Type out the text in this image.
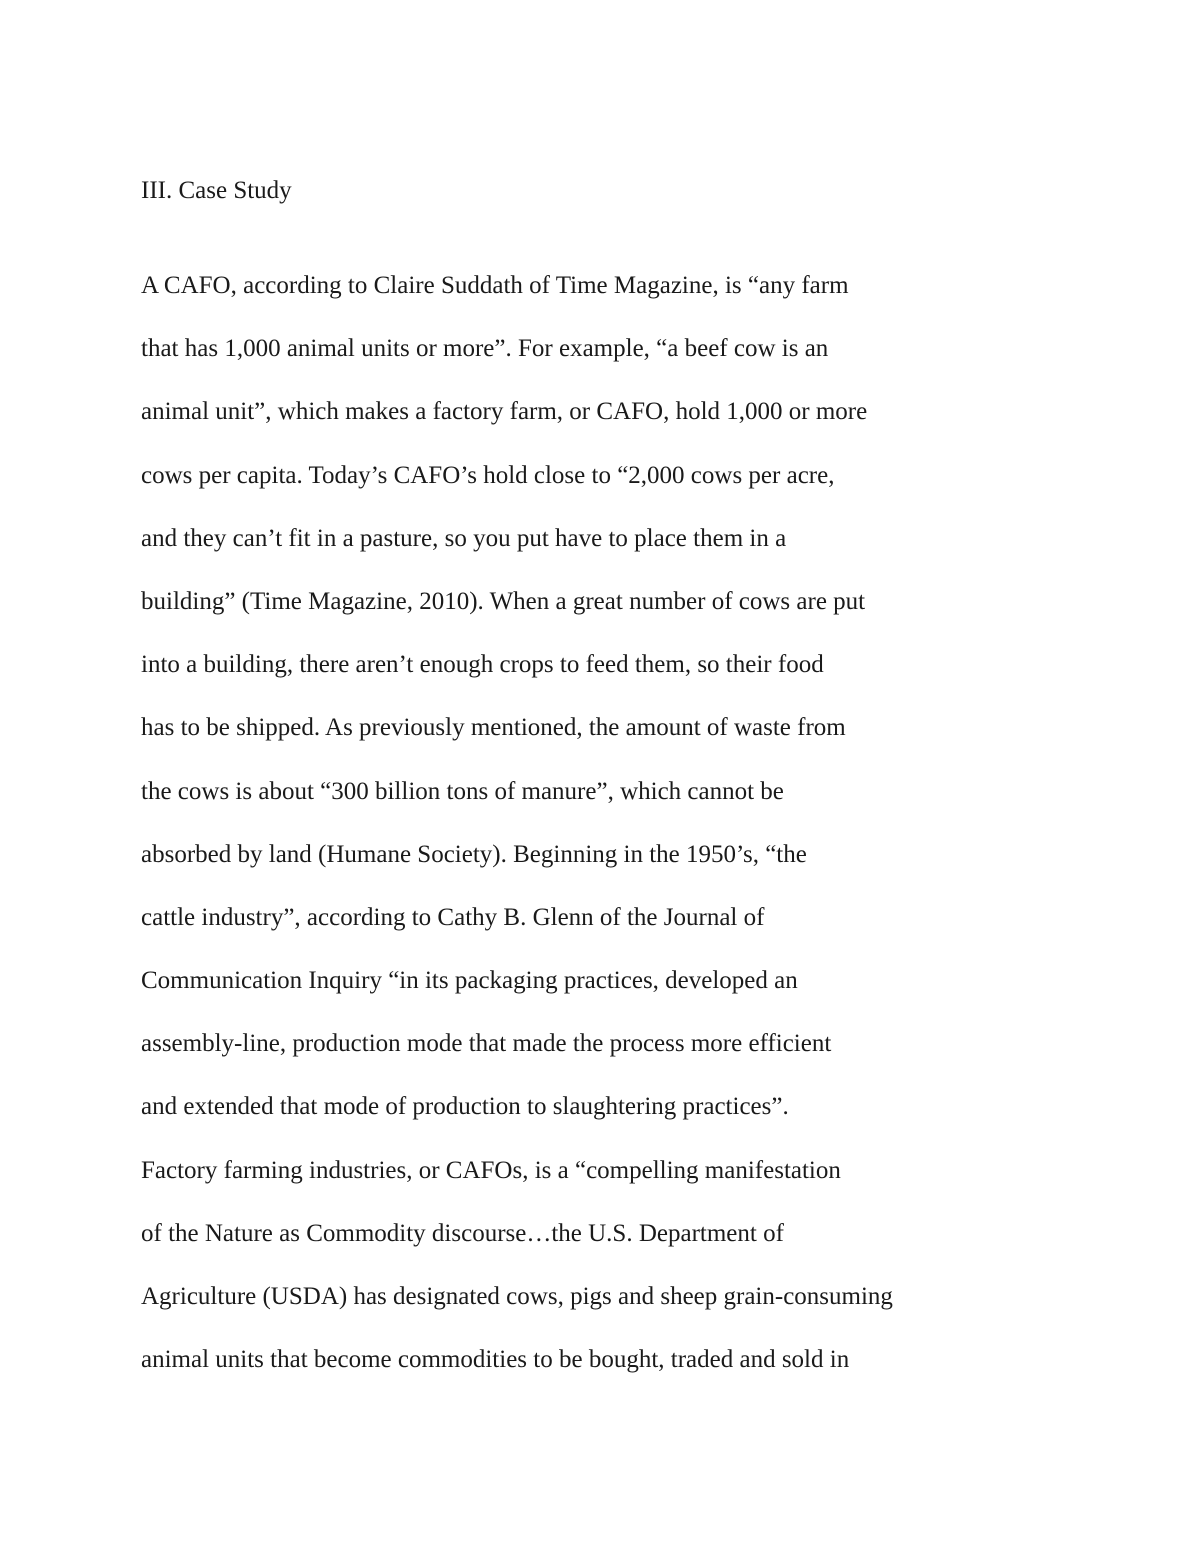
III. Case Study
A CAFO, according to Claire Suddath of Time Magazine, is “any farm
that has 1,000 animal units or more”. For example, “a beef cow is an
animal unit”, which makes a factory farm, or CAFO, hold 1,000 or more
cows per capita. Today’s CAFO’s hold close to “2,000 cows per acre,
and they can’t fit in a pasture, so you put have to place them in a
building” (Time Magazine, 2010). When a great number of cows are put
into a building, there aren’t enough crops to feed them, so their food
has to be shipped. As previously mentioned, the amount of waste from
the cows is about “300 billion tons of manure”, which cannot be
absorbed by land (Humane Society). Beginning in the 1950’s, “the
cattle industry”, according to Cathy B. Glenn of the Journal of
Communication Inquiry “in its packaging practices, developed an
assembly-line, production mode that made the process more efficient
and extended that mode of production to slaughtering practices”.
Factory farming industries, or CAFOs, is a “compelling manifestation
of the Nature as Commodity discourse…the U.S. Department of
Agriculture (USDA) has designated cows, pigs and sheep grain-consuming
animal units that become commodities to be bought, traded and sold in
